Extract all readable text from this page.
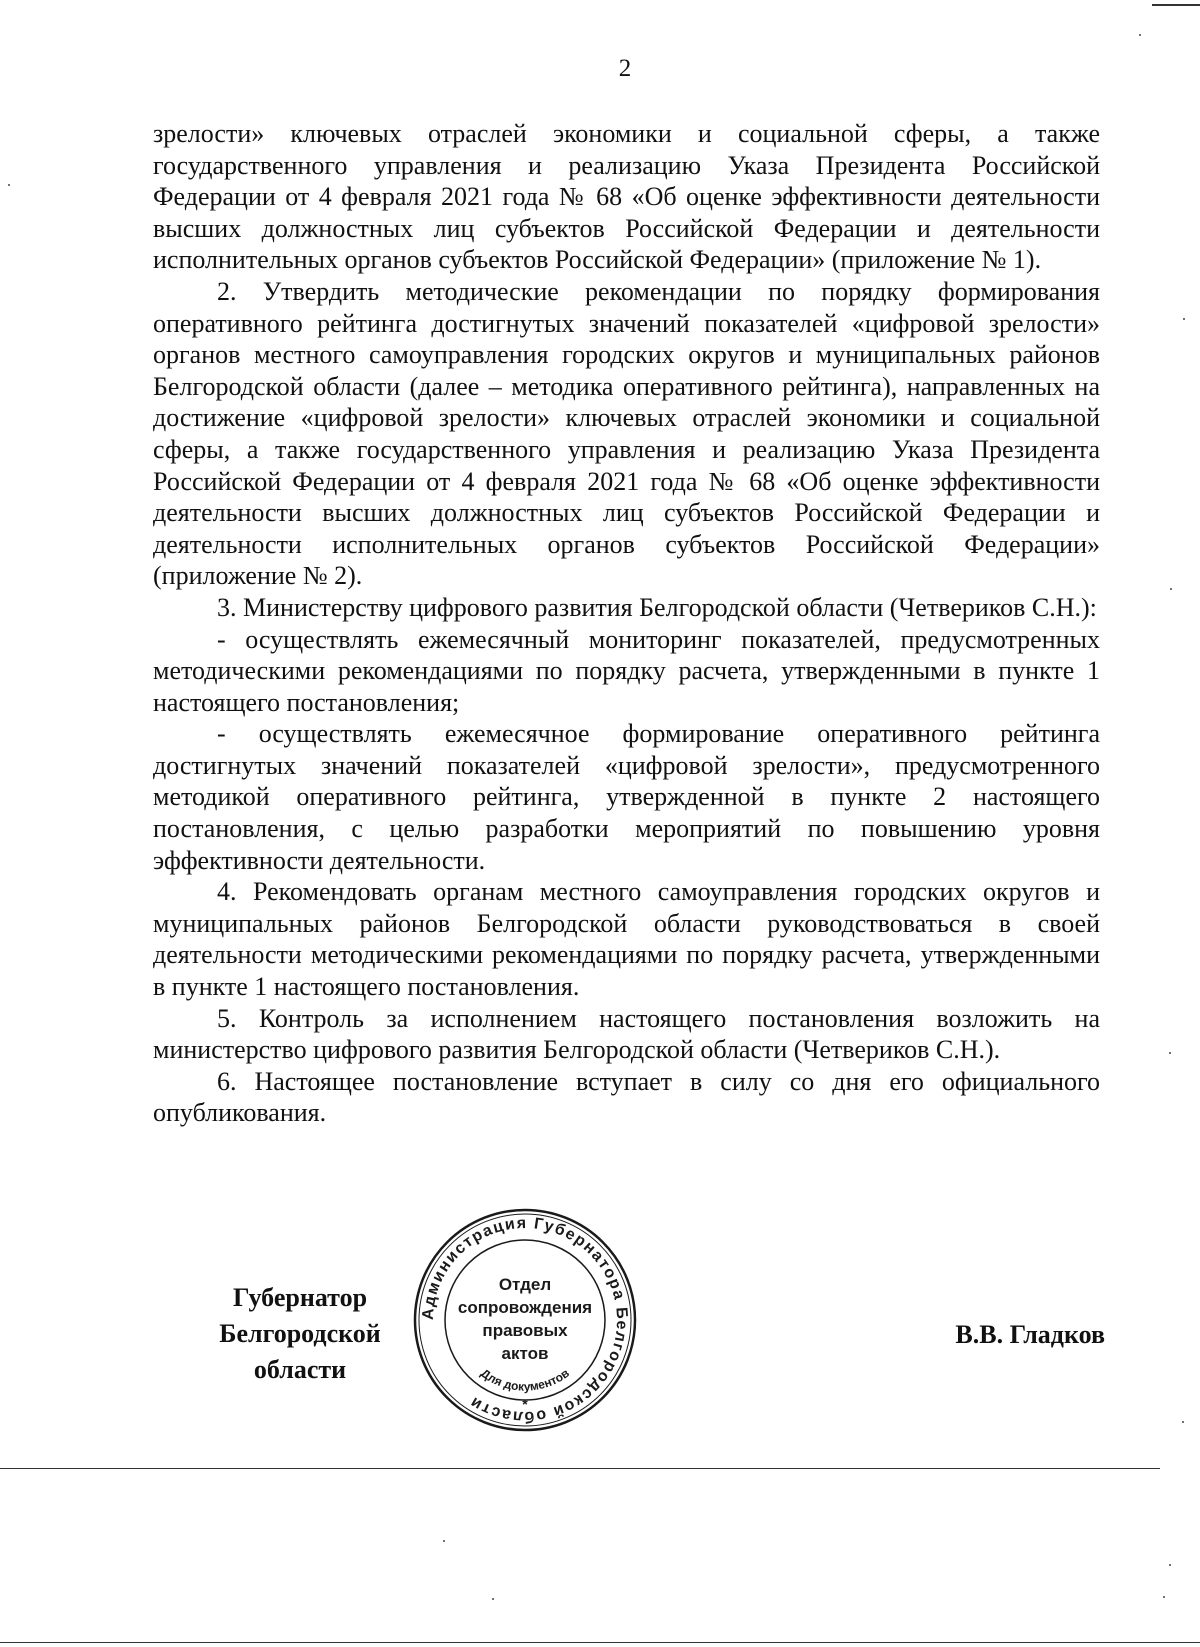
2

зрелости» ключевых отраслей экономики и социальной сферы, а также государственного управления и реализацию Указа Президента Российской Федерации от 4 февраля 2021 года № 68 «Об оценке эффективности деятельности высших должностных лиц субъектов Российской Федерации и деятельности исполнительных органов субъектов Российской Федерации» (приложение № 1).

2. Утвердить методические рекомендации по порядку формирования оперативного рейтинга достигнутых значений показателей «цифровой зрелости» органов местного самоуправления городских округов и муниципальных районов Белгородской области (далее – методика оперативного рейтинга), направленных на достижение «цифровой зрелости» ключевых отраслей экономики и социальной сферы, а также государственного управления и реализацию Указа Президента Российской Федерации от 4 февраля 2021 года № 68 «Об оценке эффективности деятельности высших должностных лиц субъектов Российской Федерации и деятельности исполнительных органов субъектов Российской Федерации» (приложение № 2).

3. Министерству цифрового развития Белгородской области (Четвериков С.Н.):

- осуществлять ежемесячный мониторинг показателей, предусмотренных методическими рекомендациями по порядку расчета, утвержденными в пункте 1 настоящего постановления;

- осуществлять ежемесячное формирование оперативного рейтинга достигнутых значений показателей «цифровой зрелости», предусмотренного методикой оперативного рейтинга, утвержденной в пункте 2 настоящего постановления, с целью разработки мероприятий по повышению уровня эффективности деятельности.

4. Рекомендовать органам местного самоуправления городских округов и муниципальных районов Белгородской области руководствоваться в своей деятельности методическими рекомендациями по порядку расчета, утвержденными в пункте 1 настоящего постановления.

5. Контроль за исполнением настоящего постановления возложить на министерство цифрового развития Белгородской области (Четвериков С.Н.).

6. Настоящее постановление вступает в силу со дня его официального опубликования.

Губернатор
Белгородской области
Администрация Губернатора Белгородской области
Для документов
*
Отдел
сопровождения
правовых
актов
В.В. Гладков
